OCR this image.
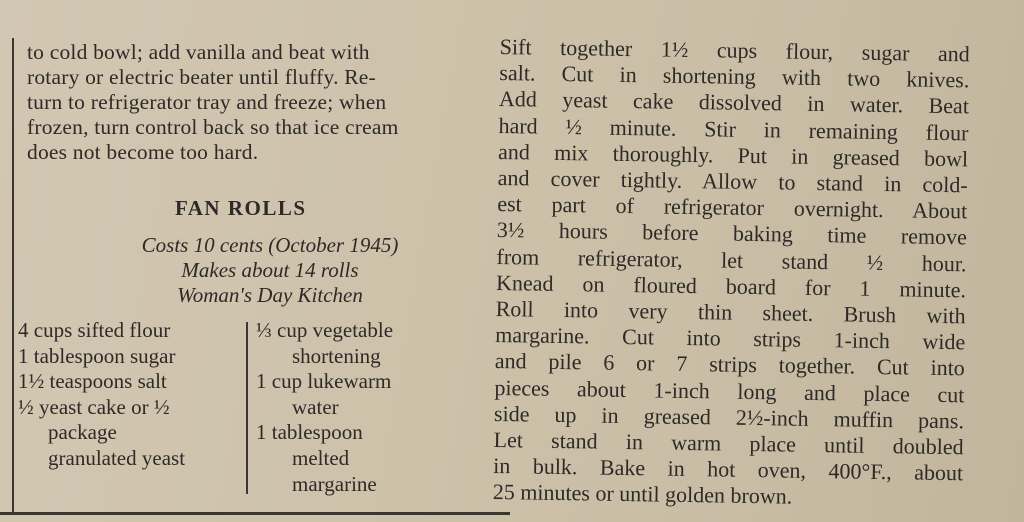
to cold bowl; add vanilla and beat with

rotary or electric beater until fluffy. Re-

turn to refrigerator tray and freeze; when

frozen, turn control back so that ice cream

does not become too hard.

FAN ROLLS
Costs 10 cents (October 1945)
Makes about 14 rolls
Woman's Day Kitchen

4 cups sifted flour

1 tablespoon sugar

1½ teaspoons salt

½ yeast cake or ½

package

granulated yeast

⅓ cup vegetable

shortening

1 cup lukewarm

water

1 tablespoon

melted

margarine

Sift together 1½ cups flour, sugar and

salt. Cut in shortening with two knives.

Add yeast cake dissolved in water. Beat

hard ½ minute. Stir in remaining flour

and mix thoroughly. Put in greased bowl

and cover tightly. Allow to stand in cold-

est part of refrigerator overnight. About

3½ hours before baking time remove

from refrigerator, let stand ½ hour.

Knead on floured board for 1 minute.

Roll into very thin sheet. Brush with

margarine. Cut into strips 1-inch wide

and pile 6 or 7 strips together. Cut into

pieces about 1-inch long and place cut

side up in greased 2½-inch muffin pans.

Let stand in warm place until doubled

in bulk. Bake in hot oven, 400°F., about

25 minutes or until golden brown.
